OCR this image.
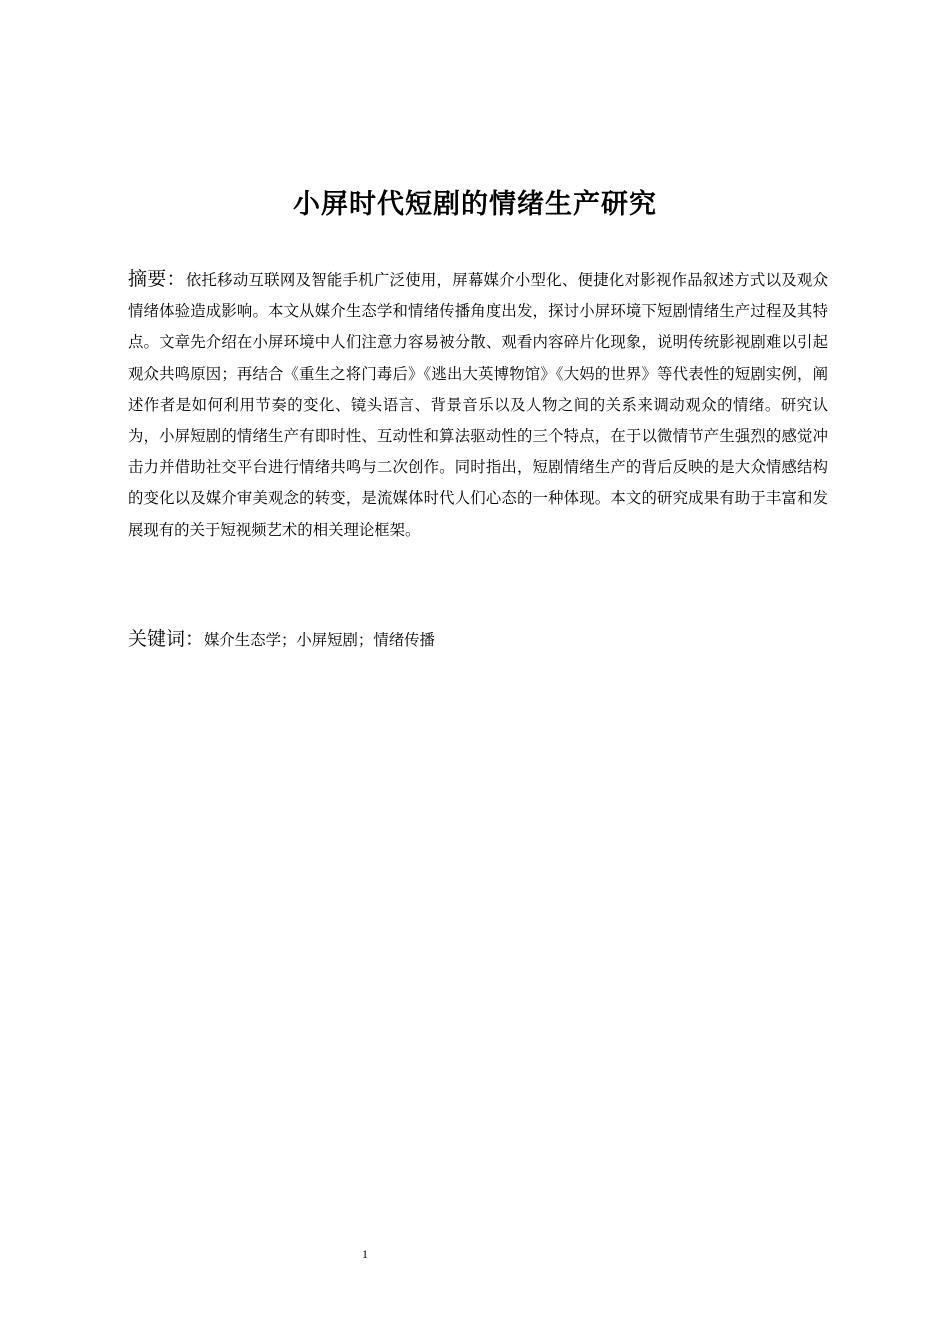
小屏时代短剧的情绪生产研究

摘要：依托移动互联网及智能手机广泛使用，屏幕媒介小型化、便捷化对影视作品叙述方式以及观众情绪体验造成影响。本文从媒介生态学和情绪传播角度出发，探讨小屏环境下短剧情绪生产过程及其特点。文章先介绍在小屏环境中人们注意力容易被分散、观看内容碎片化现象，说明传统影视剧难以引起观众共鸣原因；再结合《重生之将门毒后》《逃出大英博物馆》《大妈的世界》等代表性的短剧实例，阐述作者是如何利用节奏的变化、镜头语言、背景音乐以及人物之间的关系来调动观众的情绪。研究认为，小屏短剧的情绪生产有即时性、互动性和算法驱动性的三个特点，在于以微情节产生强烈的感觉冲击力并借助社交平台进行情绪共鸣与二次创作。同时指出，短剧情绪生产的背后反映的是大众情感结构的变化以及媒介审美观念的转变，是流媒体时代人们心态的一种体现。本文的研究成果有助于丰富和发展现有的关于短视频艺术的相关理论框架。

关键词：媒介生态学；小屏短剧；情绪传播

1
